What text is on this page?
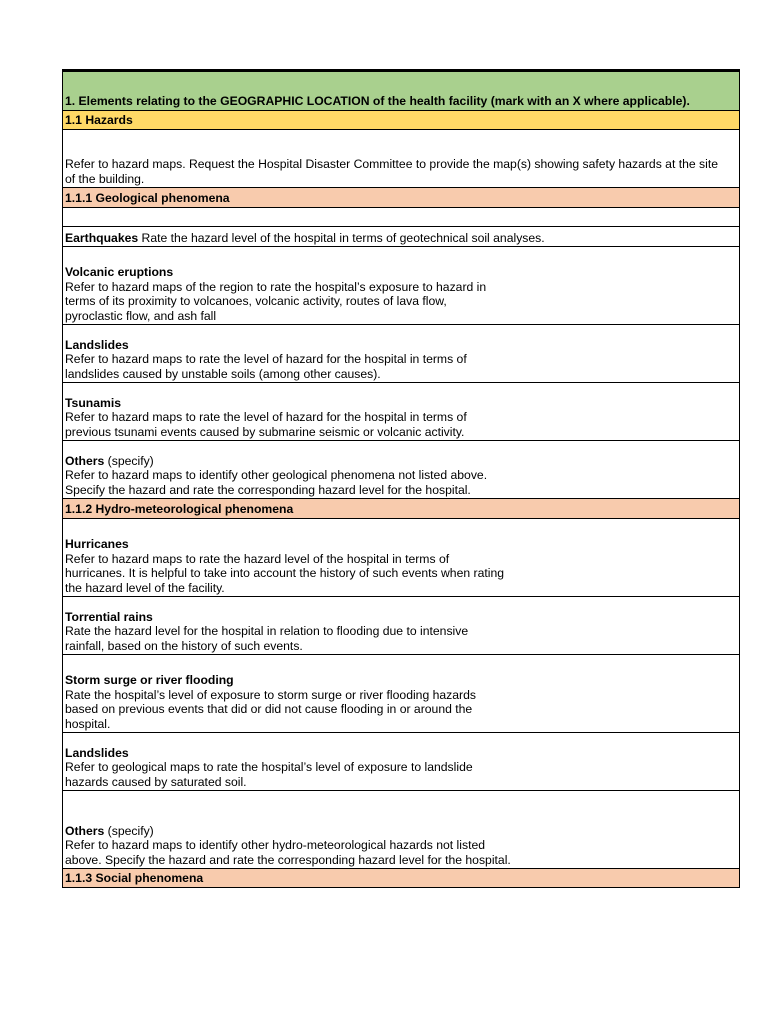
1. Elements relating to the GEOGRAPHIC LOCATION of the health facility (mark with an X where applicable).
1.1 Hazards
Refer to hazard maps. Request the Hospital Disaster Committee to provide the map(s) showing safety hazards at the site of the building.
1.1.1 Geological phenomena
Earthquakes Rate the hazard level of the hospital in terms of geotechnical soil analyses.
Volcanic eruptions
Refer to hazard maps of the region to rate the hospital’s exposure to hazard in terms of its proximity to volcanoes, volcanic activity, routes of lava flow, pyroclastic flow, and ash fall
Landslides
Refer to hazard maps to rate the level of hazard for the hospital in terms of landslides caused by unstable soils (among other causes).
Tsunamis
Refer to hazard maps to rate the level of hazard for the hospital in terms of previous tsunami events caused by submarine seismic or volcanic activity.
Others (specify)
Refer to hazard maps to identify other geological phenomena not listed above. Specify the hazard and rate the corresponding hazard level for the hospital.
1.1.2 Hydro-meteorological phenomena
Hurricanes
Refer to hazard maps to rate the hazard level of the hospital in terms of hurricanes. It is helpful to take into account the history of such events when rating the hazard level of the facility.
Torrential rains
Rate the hazard level for the hospital in relation to flooding due to intensive rainfall, based on the history of such events.
Storm surge or river flooding
Rate the hospital’s level of exposure to storm surge or river flooding hazards based on previous events that did or did not cause flooding in or around the hospital.
Landslides
Refer to geological maps to rate the hospital’s level of exposure to landslide hazards caused by saturated soil.
Others (specify)
Refer to hazard maps to identify other hydro-meteorological hazards not listed above. Specify the hazard and rate the corresponding hazard level for the hospital.
1.1.3 Social phenomena
